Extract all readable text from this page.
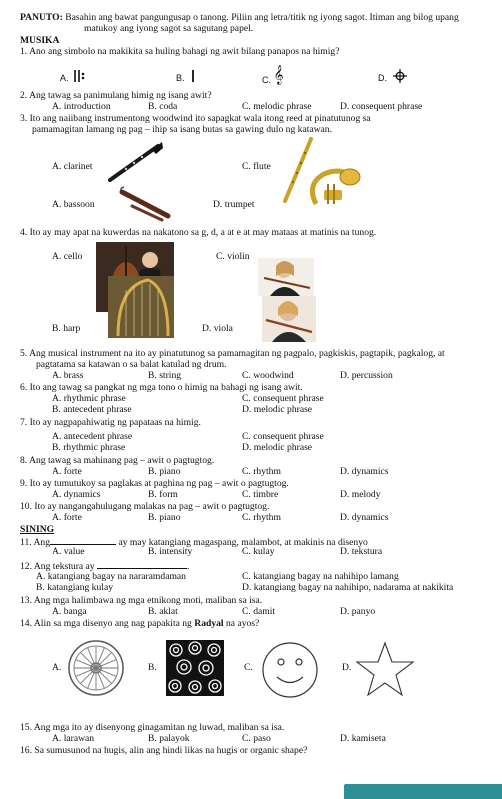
PANUTO: Basahin ang bawat pangungusap o tanong. Piliin ang letra/titik ng iyong sagot. Itiman ang bilog upang
matukoy ang iyong sagot sa sagutang papel.
MUSIKA
1. Ano ang simbolo na makikita sa huling bahagi ng awit bilang panapos na himig?
A.	B.	C. 𝄞	D.
2. Ang tawag sa panimulang himig ng isang awit?
A. introduction	B. coda	C. melodic phrase	D. consequent phrase
3. Ito ang naiibang instrumentong woodwind ito sapagkat wala itong reed at pinatutunog sa
pamamagitan lamang ng pag – ihip sa isang butas sa gawing dulo ng katawan.
A. clarinet	C. flute
A. bassoon	D. trumpet
4. Ito ay may apat na kuwerdas na nakatono sa g, d, a at e at may mataas at matinis na tunog.
A. cello	C. violin
B. harp	D. viola
5. Ang musical instrument na ito ay pinatutunog sa pamamagitan ng pagpalo, pagkiskis, pagtapik, pagkalog, at
pagtatama sa katawan o sa balat katulad ng drum.
A. brass	B. string	C. woodwind	D. percussion
6. Ito ang tawag sa pangkat ng mga tono o himig na bahagi ng isang awit.
A. rhythmic phrase	C. consequent phrase
B. antecedent phrase	D. melodic phrase
7. Ito ay nagpapahiwatig ng papataas na himig.
A. antecedent phrase	C. consequent phrase
B. rhythmic phrase	D. melodic phrase
8. Ang tawag sa mahinang pag – awit o pagtugtog.
A. forte	B. piano	C. rhythm	D. dynamics
9. Ito ay tumutukoy sa paglakas at paghina ng pag – awit o pagtugtog.
A. dynamics	B. form	C. timbre	D. melody
10. Ito ay nangangahulugang malakas na pag – awit o pagtugtog.
A. forte	B. piano	C. rhythm	D. dynamics
SINING
11. Ang	ay may katangiang magaspang, malambot, at makinis na disenyo
A. value	B. intensity	C. kulay	D. tekstura
12. Ang tekstura ay	.
A. katangiang bagay na nararamdaman	C. katangiang bagay na nahihipo lamang
B. katangiang kulay	D. katangiang bagay na nahihipo, nadarama at nakikita
13. Ang mga halimbawa ng mga etnikong moti, maliban sa isa.
A. banga	B. aklat	C. damit	D. panyo
14. Alin sa mga disenyo ang nag papakita ng Radyal na ayos?
A.	B.	C.	D.
15. Ang mga ito ay disenyong ginagamitan ng luwad, maliban sa isa.
A. larawan	B. palayok	C. paso	D. kamiseta
16. Sa sumusunod na hugis, alin ang hindi likas na hugis or organic shape?
